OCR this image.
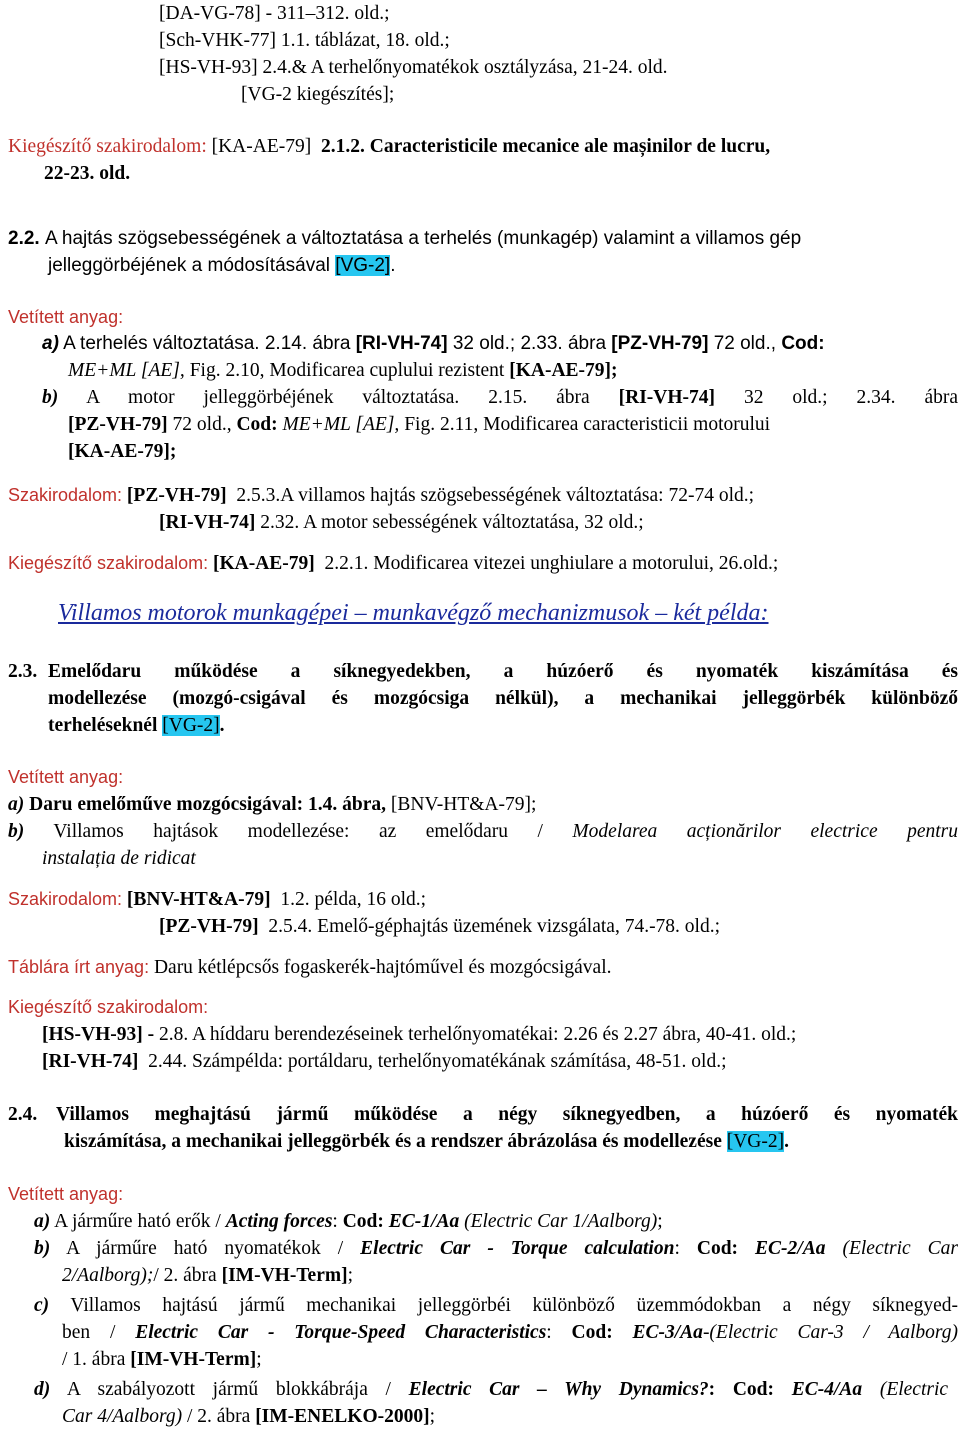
[DA-VG-78] - 311–312. old.;
[Sch-VHK-77] 1.1. táblázat, 18. old.;
[HS-VH-93] 2.4.& A terhelőnyomatékok osztályzása, 21-24. old.
[VG-2 kiegészítés];
Kiegészítő szakirodalom: [KA-AE-79] 2.1.2. Caracteristicile mecanice ale mașinilor de lucru,
22-23. old.
2.2. A hajtás szögsebességének a változtatása a terhelés (munkagép) valamint a villamos gép
jelleggörbéjének a módosításával [VG-2].
Vetített anyag:
a) A terhelés változtatása. 2.14. ábra [RI-VH-74] 32 old.; 2.33. ábra [PZ-VH-79] 72 old., Cod:
ME+ML [AE], Fig. 2.10, Modificarea cuplului rezistent [KA-AE-79];
b) A motor jelleggörbéjének változtatása. 2.15. ábra [RI-VH-74] 32 old.; 2.34. ábra
[PZ-VH-79] 72 old., Cod: ME+ML [AE], Fig. 2.11, Modificarea caracteristicii motorului
[KA-AE-79];
Szakirodalom: [PZ-VH-79] 2.5.3.A villamos hajtás szögsebességének változtatása: 72-74 old.;
[RI-VH-74] 2.32. A motor sebességének változtatása, 32 old.;
Kiegészítő szakirodalom: [KA-AE-79] 2.2.1. Modificarea vitezei unghiulare a motorului, 26.old.;
Villamos motorok munkagépei – munkavégző mechanizmusok – két példa:
2.3. Emelődaru működése a síknegyedekben, a húzóerő és nyomaték kiszámítása és
modellezése (mozgó-csigával és mozgócsiga nélkül), a mechanikai jelleggörbék különböző
terheléseknél [VG-2].
Vetített anyag:
a) Daru emelőműve mozgócsigával: 1.4. ábra, [BNV-HT&A-79];
b) Villamos hajtások modellezése: az emelődaru / Modelarea acționărilor electrice pentru
instalația de ridicat
Szakirodalom: [BNV-HT&A-79] 1.2. példa, 16 old.;
[PZ-VH-79] 2.5.4. Emelő-géphajtás üzemének vizsgálata, 74.-78. old.;
Táblára írt anyag: Daru kétlépcsős fogaskerék-hajtóművel és mozgócsigával.
Kiegészítő szakirodalom:
[HS-VH-93] - 2.8. A híddaru berendezéseinek terhelőnyomatékai: 2.26 és 2.27 ábra, 40-41. old.;
[RI-VH-74] 2.44. Számpélda: portáldaru, terhelőnyomatékának számítása, 48-51. old.;
2.4. Villamos meghajtású jármű működése a négy síknegyedben, a húzóerő és nyomaték
kiszámítása, a mechanikai jelleggörbék és a rendszer ábrázolása és modellezése [VG-2].
Vetített anyag:
a) A járműre ható erők / Acting forces: Cod: EC-1/Aa (Electric Car 1/Aalborg);
b) A járműre ható nyomatékok / Electric Car - Torque calculation: Cod: EC-2/Aa (Electric Car
2/Aalborg);/ 2. ábra [IM-VH-Term];
c) Villamos hajtású jármű mechanikai jelleggörbéi különböző üzemmódokban a négy síknegyed-
ben / Electric Car - Torque-Speed Characteristics: Cod: EC-3/Aa-(Electric Car-3 / Aalborg)
/ 1. ábra [IM-VH-Term];
d) A szabályozott jármű blokkábrája / Electric Car – Why Dynamics?: Cod: EC-4/Aa (Electric
Car 4/Aalborg) / 2. ábra [IM-ENELKO-2000];
